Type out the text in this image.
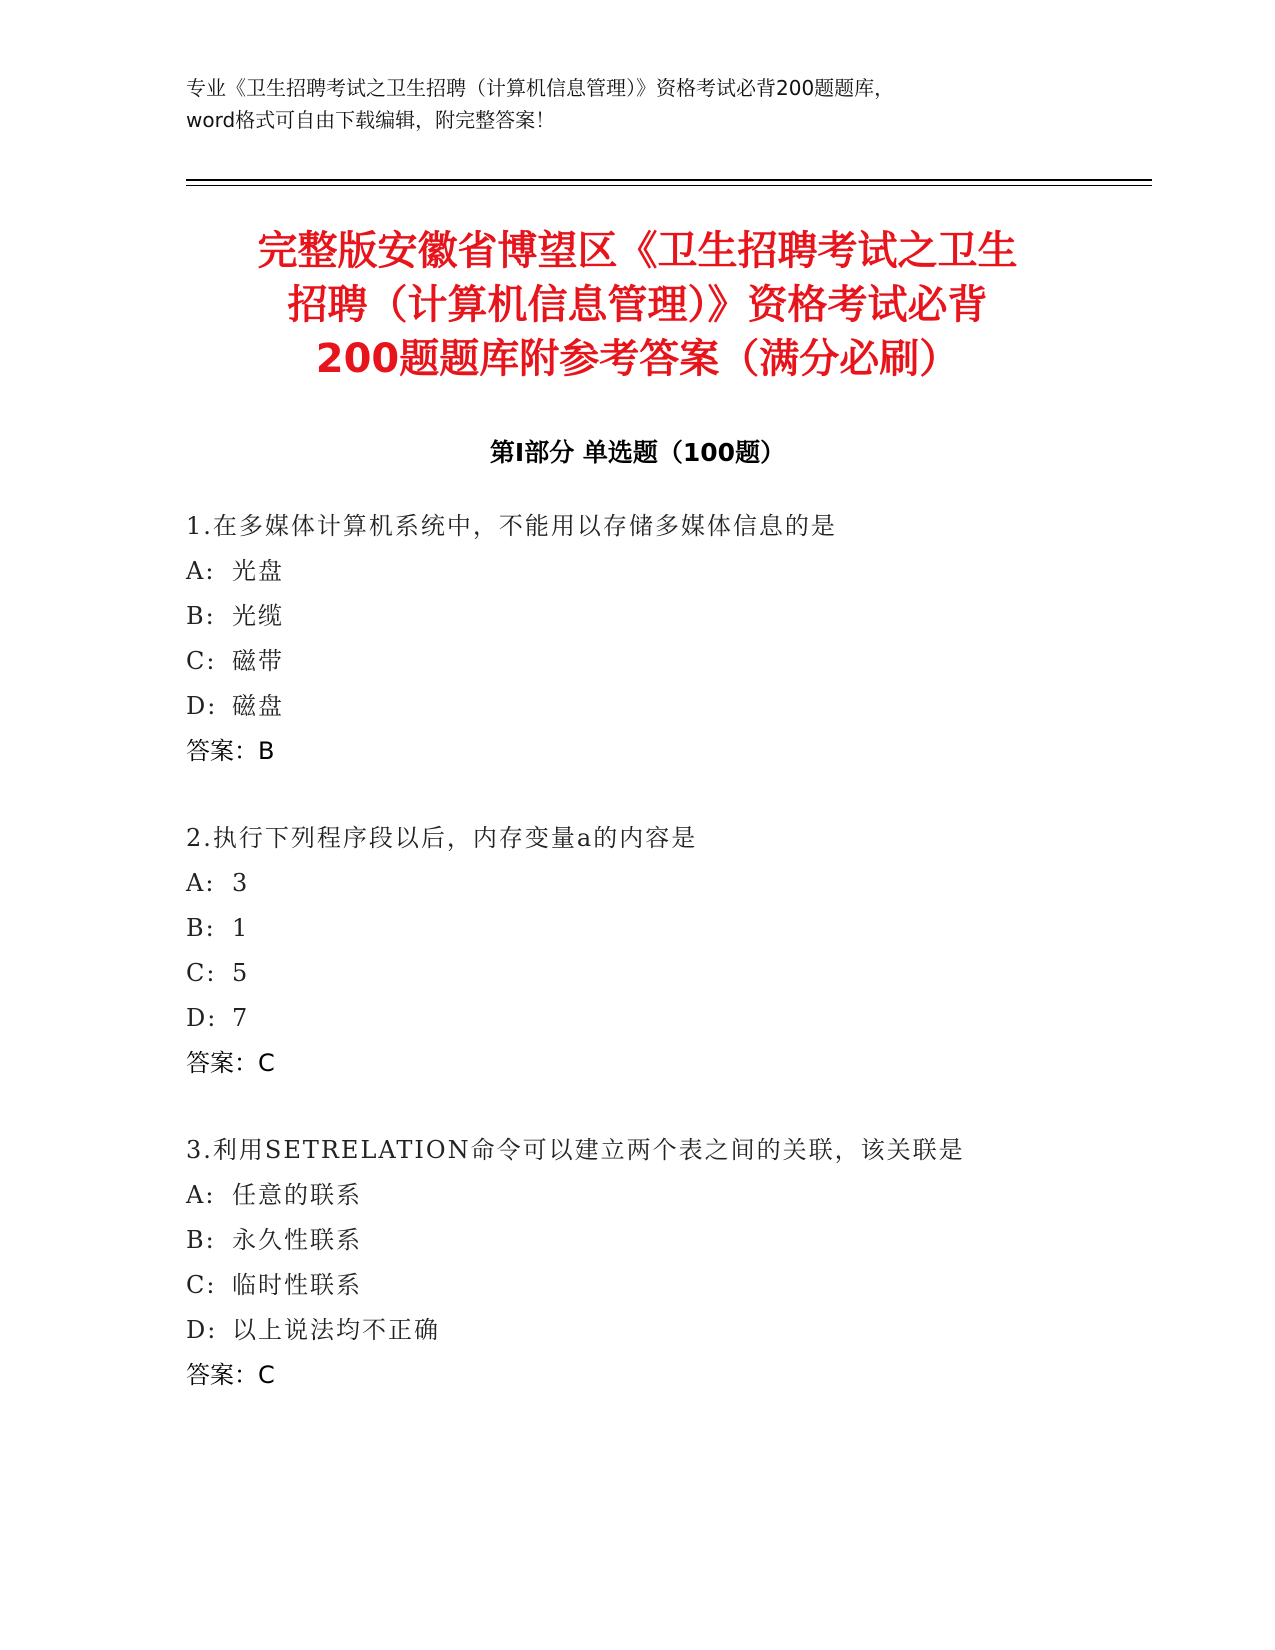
专业《卫生招聘考试之卫生招聘（计算机信息管理）》资格考试必背200题题库，
word格式可自由下载编辑，附完整答案！
完整版安徽省博望区《卫生招聘考试之卫生
招聘（计算机信息管理）》资格考试必背
200题题库附参考答案（满分必刷）
第Ⅰ部分 单选题（100题）
1.在多媒体计算机系统中，不能用以存储多媒体信息的是
A: 光盘
B: 光缆
C: 磁带
D: 磁盘
答案：B
2.执行下列程序段以后，内存变量a的内容是
A: 3
B: 1
C: 5
D: 7
答案：C
3.利用SETRELATION命令可以建立两个表之间的关联，该关联是
A: 任意的联系
B: 永久性联系
C: 临时性联系
D: 以上说法均不正确
答案：C
